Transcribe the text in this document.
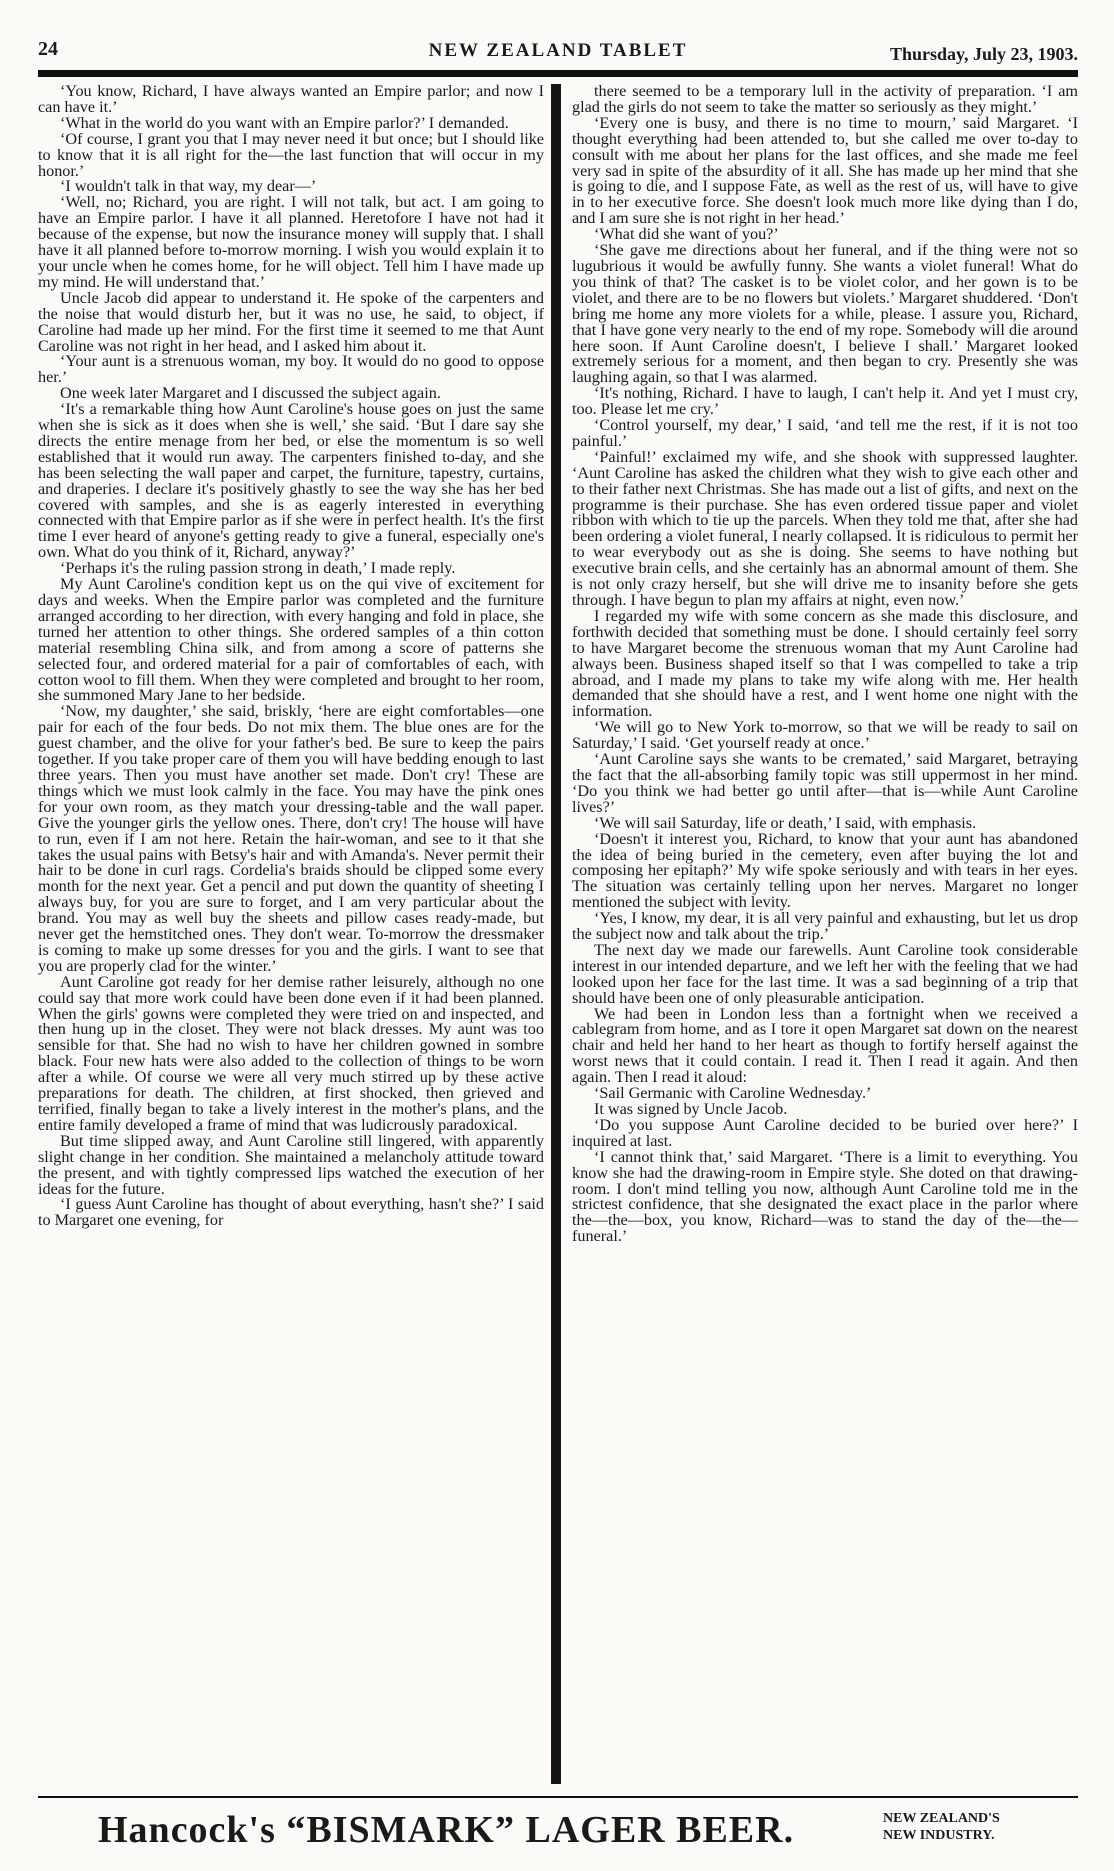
24	NEW ZEALAND TABLET	Thursday, July 23, 1903.

‘You know, Richard, I have always wanted an Empire parlor; and now I can have it.’

‘What in the world do you want with an Empire parlor?’ I demanded.

‘Of course, I grant you that I may never need it but once; but I should like to know that it is all right for the—the last function that will occur in my honor.’

‘I wouldn't talk in that way, my dear—’

‘Well, no; Richard, you are right. I will not talk, but act. I am going to have an Empire parlor. I have it all planned. Heretofore I have not had it because of the expense, but now the insurance money will supply that. I shall have it all planned before to-morrow morning. I wish you would explain it to your uncle when he comes home, for he will object. Tell him I have made up my mind. He will understand that.’

Uncle Jacob did appear to understand it. He spoke of the carpenters and the noise that would disturb her, but it was no use, he said, to object, if Caroline had made up her mind. For the first time it seemed to me that Aunt Caroline was not right in her head, and I asked him about it.

‘Your aunt is a strenuous woman, my boy. It would do no good to oppose her.’

One week later Margaret and I discussed the subject again.

‘It's a remarkable thing how Aunt Caroline's house goes on just the same when she is sick as it does when she is well,’ she said. ‘But I dare say she directs the entire menage from her bed, or else the momentum is so well established that it would run away. The carpenters finished to-day, and she has been selecting the wall paper and carpet, the furniture, tapestry, curtains, and draperies. I declare it's positively ghastly to see the way she has her bed covered with samples, and she is as eagerly interested in everything connected with that Empire parlor as if she were in perfect health. It's the first time I ever heard of anyone's getting ready to give a funeral, especially one's own. What do you think of it, Richard, anyway?’

‘Perhaps it's the ruling passion strong in death,’ I made reply.

My Aunt Caroline's condition kept us on the qui vive of excitement for days and weeks. When the Empire parlor was completed and the furniture arranged according to her direction, with every hanging and fold in place, she turned her attention to other things. She ordered samples of a thin cotton material resembling China silk, and from among a score of patterns she selected four, and ordered material for a pair of comfortables of each, with cotton wool to fill them. When they were completed and brought to her room, she summoned Mary Jane to her bedside.

‘Now, my daughter,’ she said, briskly, ‘here are eight comfortables—one pair for each of the four beds. Do not mix them. The blue ones are for the guest chamber, and the olive for your father's bed. Be sure to keep the pairs together. If you take proper care of them you will have bedding enough to last three years. Then you must have another set made. Don't cry! These are things which we must look calmly in the face. You may have the pink ones for your own room, as they match your dressing-table and the wall paper. Give the younger girls the yellow ones. There, don't cry! The house will have to run, even if I am not here. Retain the hair-woman, and see to it that she takes the usual pains with Betsy's hair and with Amanda's. Never permit their hair to be done in curl rags. Cordelia's braids should be clipped some every month for the next year. Get a pencil and put down the quantity of sheeting I always buy, for you are sure to forget, and I am very particular about the brand. You may as well buy the sheets and pillow cases ready-made, but never get the hemstitched ones. They don't wear. To-morrow the dressmaker is coming to make up some dresses for you and the girls. I want to see that you are properly clad for the winter.’

Aunt Caroline got ready for her demise rather leisurely, although no one could say that more work could have been done even if it had been planned. When the girls' gowns were completed they were tried on and inspected, and then hung up in the closet. They were not black dresses. My aunt was too sensible for that. She had no wish to have her children gowned in sombre black. Four new hats were also added to the collection of things to be worn after a while. Of course we were all very much stirred up by these active preparations for death. The children, at first shocked, then grieved and terrified, finally began to take a lively interest in the mother's plans, and the entire family developed a frame of mind that was ludicrously paradoxical.

But time slipped away, and Aunt Caroline still lingered, with apparently slight change in her condition. She maintained a melancholy attitude toward the present, and with tightly compressed lips watched the execution of her ideas for the future.

‘I guess Aunt Caroline has thought of about everything, hasn't she?’ I said to Margaret one evening, for

there seemed to be a temporary lull in the activity of preparation. ‘I am glad the girls do not seem to take the matter so seriously as they might.’

‘Every one is busy, and there is no time to mourn,’ said Margaret. ‘I thought everything had been attended to, but she called me over to-day to consult with me about her plans for the last offices, and she made me feel very sad in spite of the absurdity of it all. She has made up her mind that she is going to die, and I suppose Fate, as well as the rest of us, will have to give in to her executive force. She doesn't look much more like dying than I do, and I am sure she is not right in her head.’

‘What did she want of you?’

‘She gave me directions about her funeral, and if the thing were not so lugubrious it would be awfully funny. She wants a violet funeral! What do you think of that? The casket is to be violet color, and her gown is to be violet, and there are to be no flowers but violets.’ Margaret shuddered. ‘Don't bring me home any more violets for a while, please. I assure you, Richard, that I have gone very nearly to the end of my rope. Somebody will die around here soon. If Aunt Caroline doesn't, I believe I shall.’ Margaret looked extremely serious for a moment, and then began to cry. Presently she was laughing again, so that I was alarmed.

‘It's nothing, Richard. I have to laugh, I can't help it. And yet I must cry, too. Please let me cry.’

‘Control yourself, my dear,’ I said, ‘and tell me the rest, if it is not too painful.’

‘Painful!’ exclaimed my wife, and she shook with suppressed laughter. ‘Aunt Caroline has asked the children what they wish to give each other and to their father next Christmas. She has made out a list of gifts, and next on the programme is their purchase. She has even ordered tissue paper and violet ribbon with which to tie up the parcels. When they told me that, after she had been ordering a violet funeral, I nearly collapsed. It is ridiculous to permit her to wear everybody out as she is doing. She seems to have nothing but executive brain cells, and she certainly has an abnormal amount of them. She is not only crazy herself, but she will drive me to insanity before she gets through. I have begun to plan my affairs at night, even now.’

I regarded my wife with some concern as she made this disclosure, and forthwith decided that something must be done. I should certainly feel sorry to have Margaret become the strenuous woman that my Aunt Caroline had always been. Business shaped itself so that I was compelled to take a trip abroad, and I made my plans to take my wife along with me. Her health demanded that she should have a rest, and I went home one night with the information.

‘We will go to New York to-morrow, so that we will be ready to sail on Saturday,’ I said. ‘Get yourself ready at once.’

‘Aunt Caroline says she wants to be cremated,’ said Margaret, betraying the fact that the all-absorbing family topic was still uppermost in her mind. ‘Do you think we had better go until after—that is—while Aunt Caroline lives?’

‘We will sail Saturday, life or death,’ I said, with emphasis.

‘Doesn't it interest you, Richard, to know that your aunt has abandoned the idea of being buried in the cemetery, even after buying the lot and composing her epitaph?’ My wife spoke seriously and with tears in her eyes. The situation was certainly telling upon her nerves. Margaret no longer mentioned the subject with levity.

‘Yes, I know, my dear, it is all very painful and exhausting, but let us drop the subject now and talk about the trip.’

The next day we made our farewells. Aunt Caroline took considerable interest in our intended departure, and we left her with the feeling that we had looked upon her face for the last time. It was a sad beginning of a trip that should have been one of only pleasurable anticipation.

We had been in London less than a fortnight when we received a cablegram from home, and as I tore it open Margaret sat down on the nearest chair and held her hand to her heart as though to fortify herself against the worst news that it could contain. I read it. Then I read it again. And then again. Then I read it aloud:

‘Sail Germanic with Caroline Wednesday.’

It was signed by Uncle Jacob.

‘Do you suppose Aunt Caroline decided to be buried over here?’ I inquired at last.

‘I cannot think that,’ said Margaret. ‘There is a limit to everything. You know she had the drawing-room in Empire style. She doted on that drawing-room. I don't mind telling you now, although Aunt Caroline told me in the strictest confidence, that she designated the exact place in the parlor where the—the—box, you know, Richard—was to stand the day of the—the—funeral.’

Hancock's “BISMARK” LAGER BEER.	NEW ZEALAND'S
NEW INDUSTRY.
